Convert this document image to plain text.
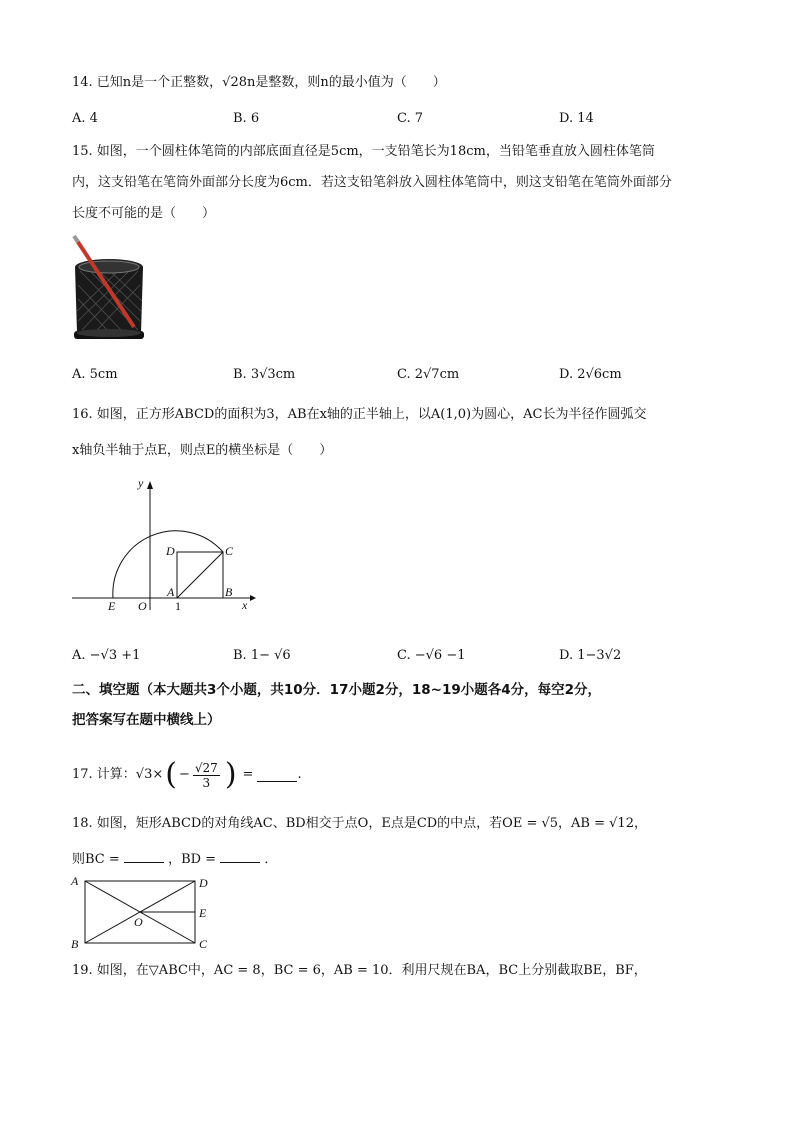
14. 已知n是一个正整数，√28n是整数，则n的最小值为（　　）
A. 4	B. 6	C. 7	D. 14
15. 如图，一个圆柱体笔筒的内部底面直径是5cm，一支铅笔长为18cm，当铅笔垂直放入圆柱体笔筒
内，这支铅笔在笔筒外面部分长度为6cm．若这支铅笔斜放入圆柱体笔筒中，则这支铅笔在笔筒外面部分
长度不可能的是（　　）
A. 5cm	B. 3√3cm	C. 2√7cm	D. 2√6cm
16. 如图，正方形ABCD的面积为3，AB在x轴的正半轴上，以A(1,0)为圆心，AC长为半径作圆弧交
x轴负半轴于点E，则点E的横坐标是（　　）
y
x
D	C
A	B
E O 1
A. −√3 +1	B. 1− √6	C. −√6 −1	D. 1−3√2
二、填空题（本大题共3个小题，共10分．17小题2分，18~19小题各4分，每空2分，
把答案写在题中横线上）
17. 计算：√3× ( − $\frac{√27}{3}$ ) =	.
18. 如图，矩形ABCD的对角线AC、BD相交于点O，E点是CD的中点，若OE = √5，AB = √12，
则BC =	，BD =	．
A	D
B	C
O
E
19. 如图，在▽ABC中，AC = 8，BC = 6，AB = 10．利用尺规在BA，BC上分别截取BE，BF，
